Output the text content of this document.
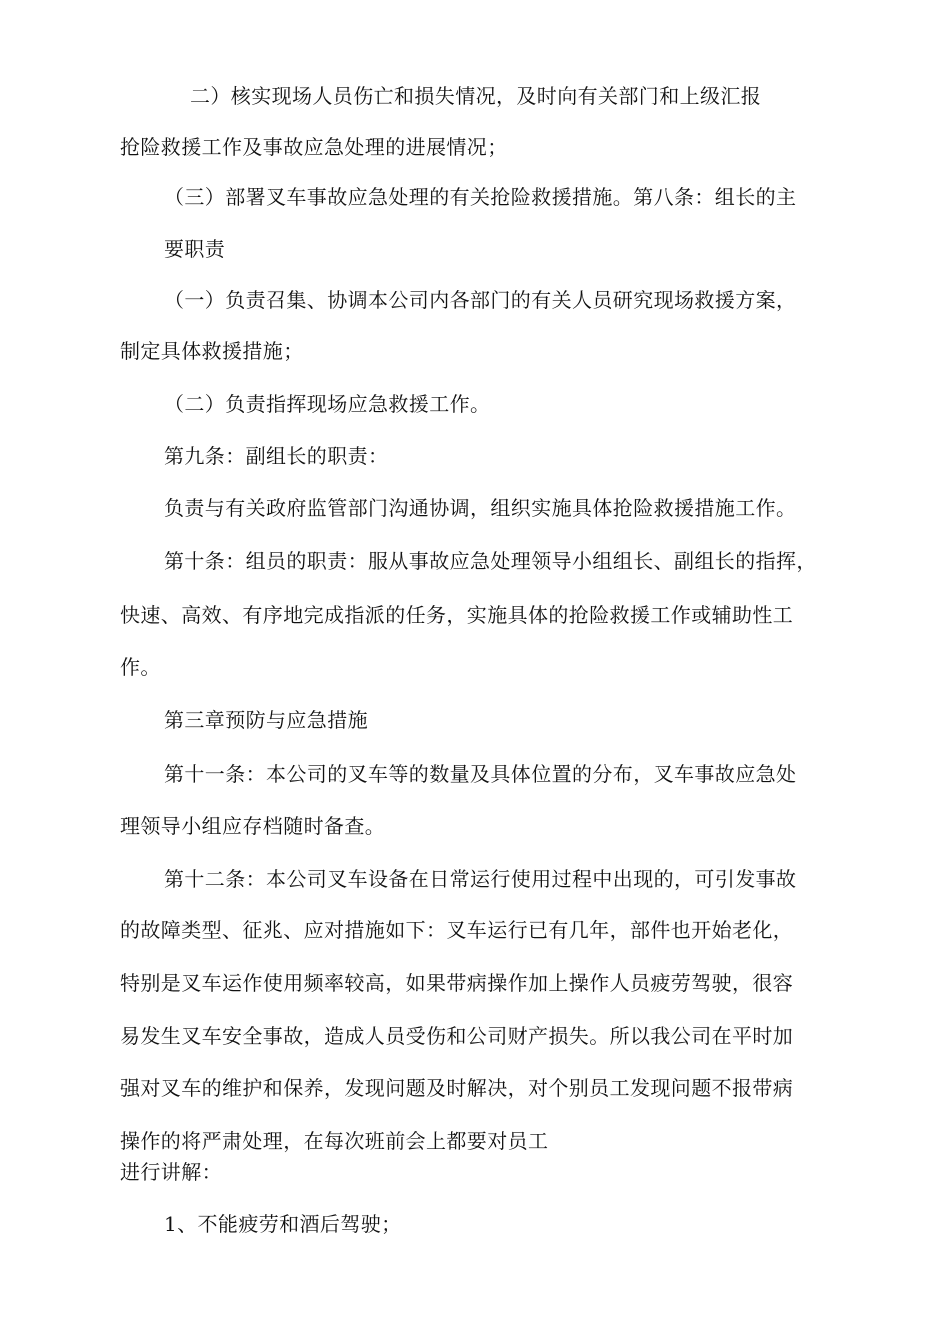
二）核实现场人员伤亡和损失情况，及时向有关部门和上级汇报

抢险救援工作及事故应急处理的进展情况；

（三）部署叉车事故应急处理的有关抢险救援措施。第八条：组长的主

要职责

（一）负责召集、协调本公司内各部门的有关人员研究现场救援方案，

制定具体救援措施；

（二）负责指挥现场应急救援工作。

第九条：副组长的职责：

负责与有关政府监管部门沟通协调，组织实施具体抢险救援措施工作。

第十条：组员的职责：服从事故应急处理领导小组组长、副组长的指挥，

快速、高效、有序地完成指派的任务，实施具体的抢险救援工作或辅助性工

作。

第三章预防与应急措施

第十一条：本公司的叉车等的数量及具体位置的分布，叉车事故应急处

理领导小组应存档随时备查。

第十二条：本公司叉车设备在日常运行使用过程中出现的，可引发事故

的故障类型、征兆、应对措施如下：叉车运行已有几年，部件也开始老化，

特别是叉车运作使用频率较高，如果带病操作加上操作人员疲劳驾驶，很容

易发生叉车安全事故，造成人员受伤和公司财产损失。所以我公司在平时加

强对叉车的维护和保养，发现问题及时解决，对个别员工发现问题不报带病

操作的将严肃处理，在每次班前会上都要对员工

进行讲解：

1、不能疲劳和酒后驾驶；
